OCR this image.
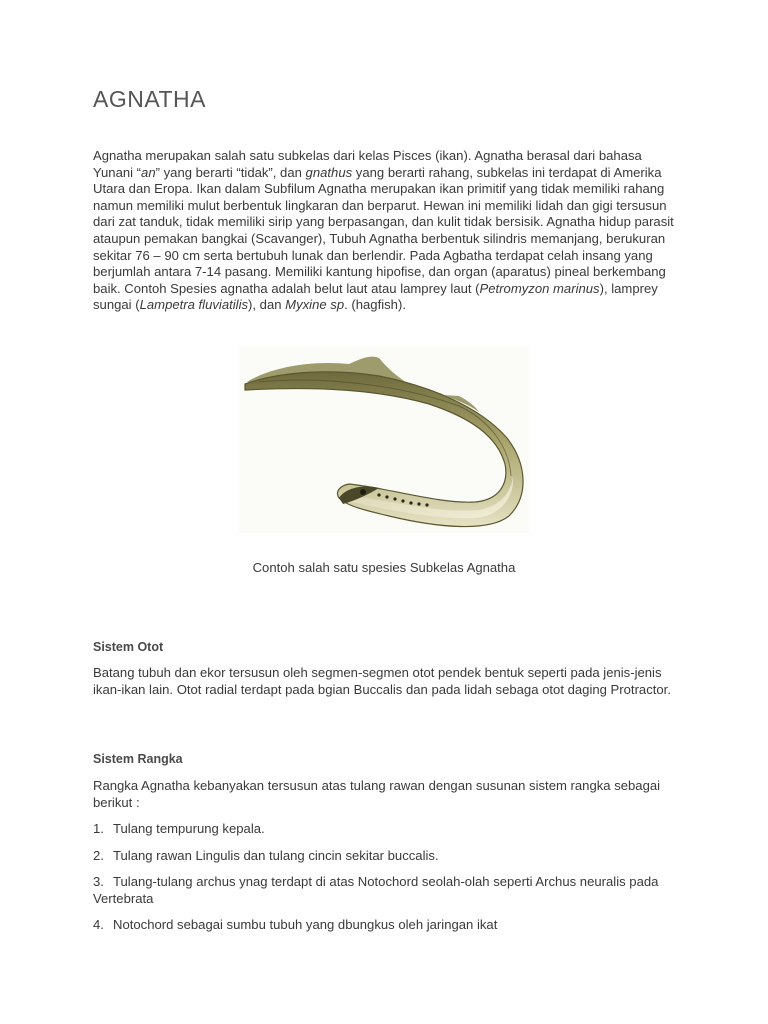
AGNATHA

Agnatha merupakan salah satu subkelas dari kelas Pisces (ikan). Agnatha berasal dari bahasa Yunani “an” yang berarti “tidak”, dan gnathus yang berarti rahang, subkelas ini terdapat di Amerika Utara dan Eropa. Ikan dalam Subfilum Agnatha merupakan ikan primitif yang tidak memiliki rahang namun memiliki mulut berbentuk lingkaran dan berparut. Hewan ini memiliki lidah dan gigi tersusun dari zat tanduk, tidak memiliki sirip yang berpasangan, dan kulit tidak bersisik. Agnatha hidup parasit ataupun pemakan bangkai (Scavanger), Tubuh Agnatha berbentuk silindris memanjang, berukuran sekitar 76 – 90 cm serta bertubuh lunak dan berlendir. Pada Agbatha terdapat celah insang yang berjumlah antara 7-14 pasang. Memiliki kantung hipofise, dan organ (aparatus) pineal berkembang baik. Contoh Spesies agnatha adalah belut laut atau lamprey laut (Petromyzon marinus), lamprey sungai (Lampetra fluviatilis), dan Myxine sp. (hagfish).

Contoh salah satu spesies Subkelas Agnatha

Sistem Otot

Batang tubuh dan ekor tersusun oleh segmen-segmen otot pendek bentuk seperti pada jenis-jenis ikan-ikan lain. Otot radial terdapt pada bgian Buccalis dan pada lidah sebaga otot daging Protractor.

Sistem Rangka

Rangka Agnatha kebanyakan tersusun atas tulang rawan dengan susunan sistem rangka sebagai berikut :

1. Tulang tempurung kepala.

2. Tulang rawan Lingulis dan tulang cincin sekitar buccalis.

3. Tulang-tulang archus ynag terdapt di atas Notochord seolah-olah seperti Archus neuralis pada Vertebrata

4. Notochord sebagai sumbu tubuh yang dbungkus oleh jaringan ikat
